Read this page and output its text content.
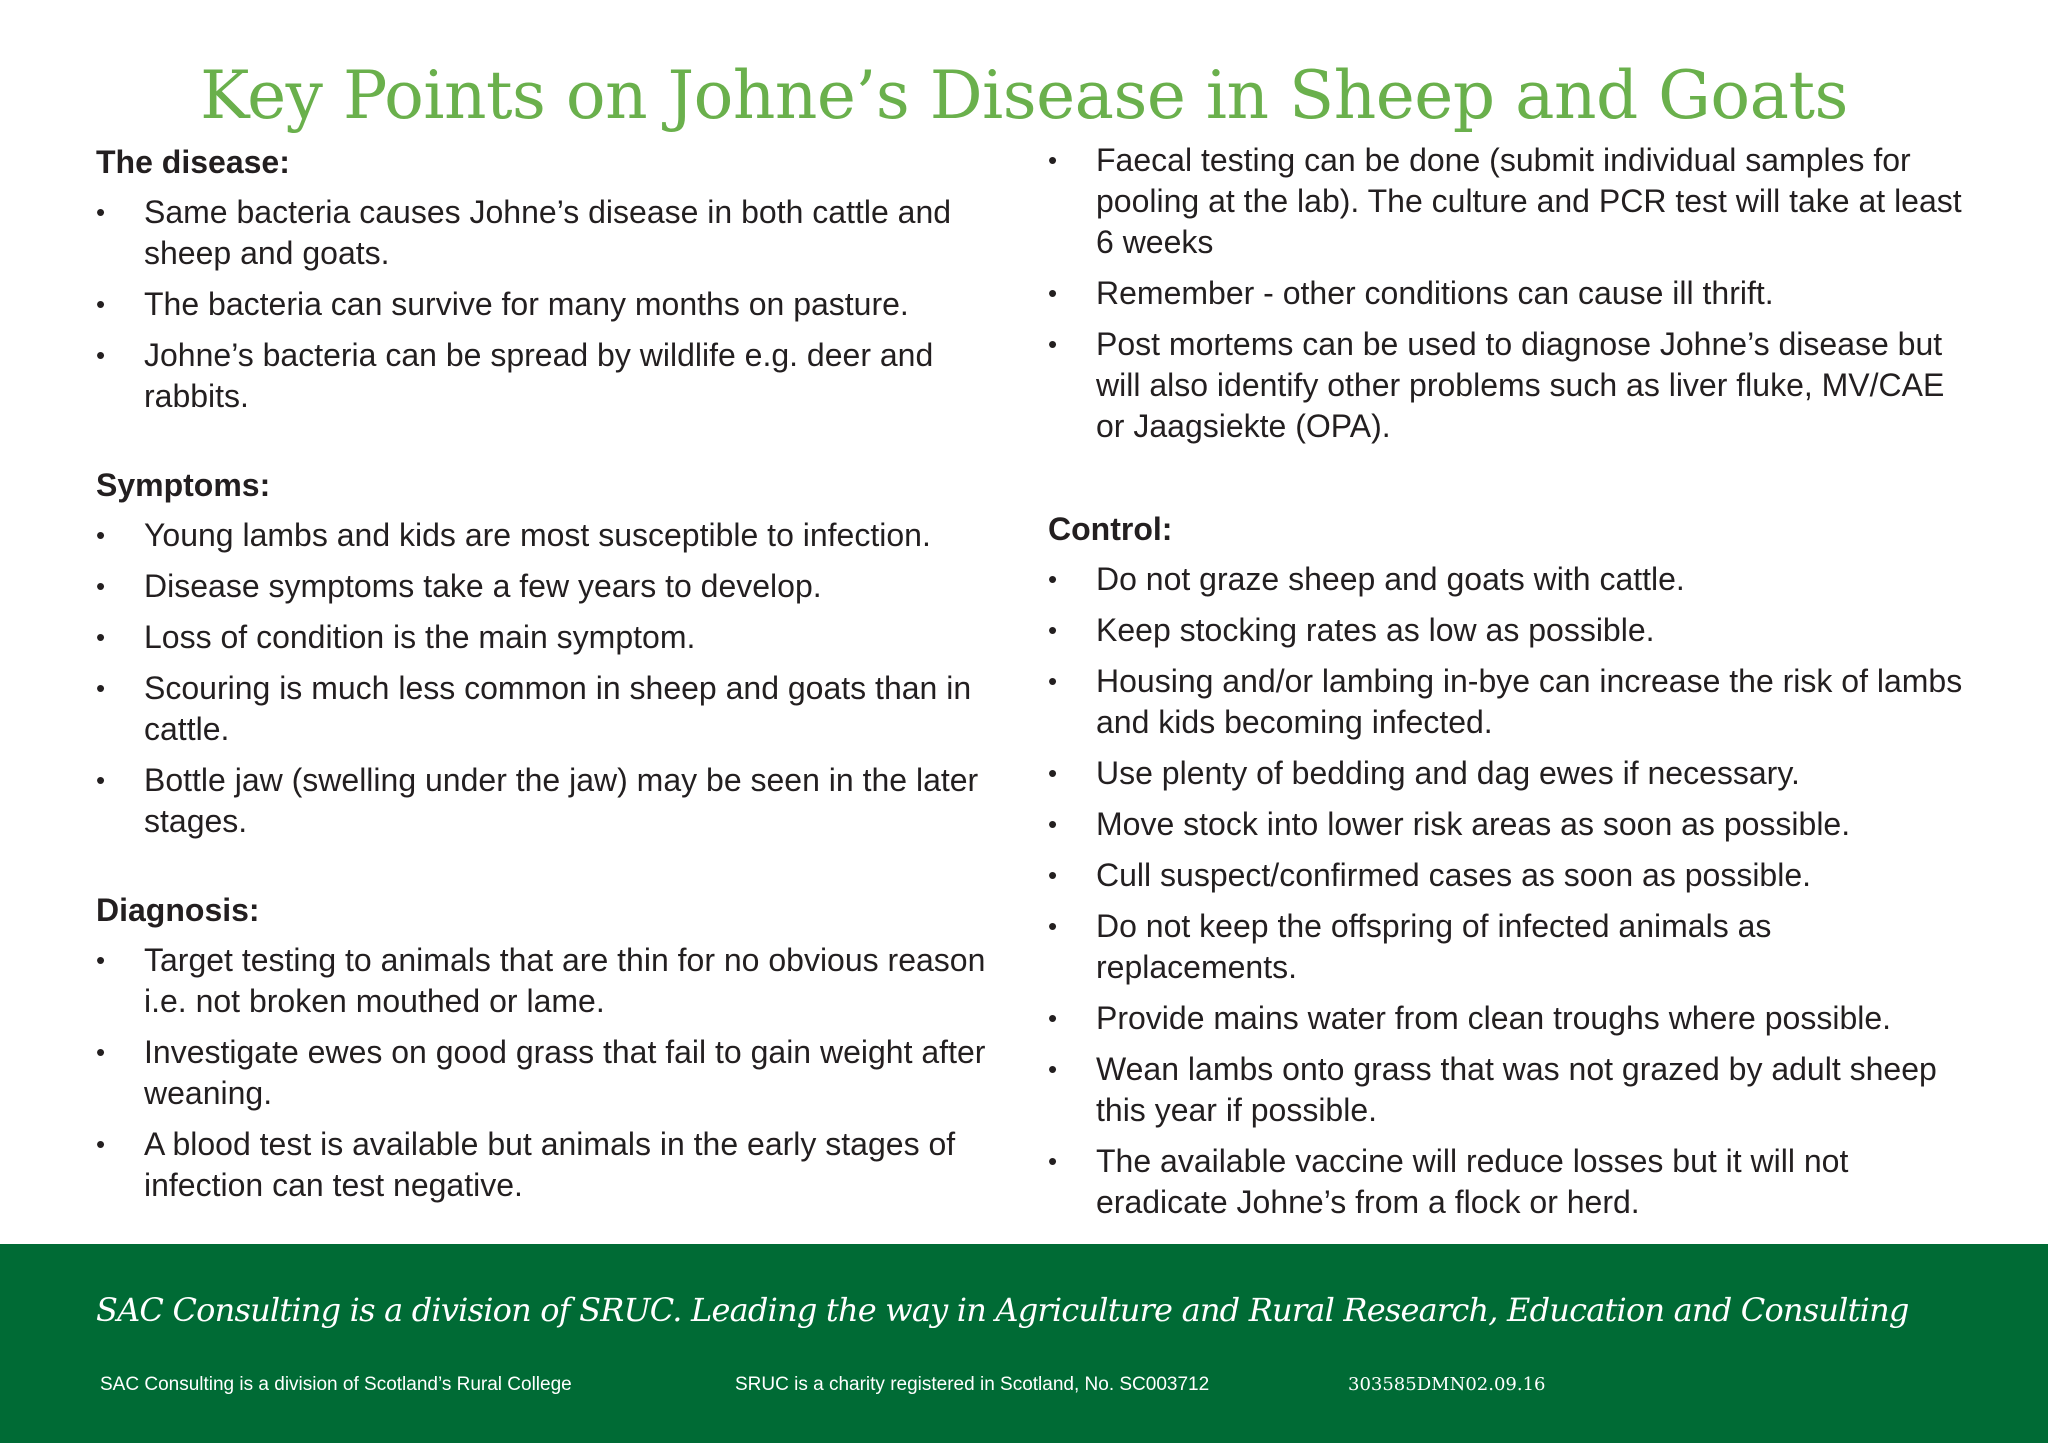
Key Points on Johne’s Disease in Sheep and Goats
The disease:
•	Same bacteria causes Johne’s disease in both cattle and sheep and goats.
•	The bacteria can survive for many months on pasture.
•	Johne’s bacteria can be spread by wildlife e.g. deer and rabbits.
Symptoms:
•	Young lambs and kids are most susceptible to infection.
•	Disease symptoms take a few years to develop.
•	Loss of condition is the main symptom.
•	Scouring is much less common in sheep and goats than in cattle.
•	Bottle jaw (swelling under the jaw) may be seen in the later stages.
Diagnosis:
•	Target testing to animals that are thin for no obvious reason i.e. not broken mouthed or lame.
•	Investigate ewes on good grass that fail to gain weight after weaning.
•	A blood test is available but animals in the early stages of infection can test negative.
•	Faecal testing can be done (submit individual samples for pooling at the lab). The culture and PCR test will take at least 6 weeks
•	Remember - other conditions can cause ill thrift.
•	Post mortems can be used to diagnose Johne’s disease but will also identify other problems such as liver fluke, MV/CAE or Jaagsiekte (OPA).
Control:
•	Do not graze sheep and goats with cattle.
•	Keep stocking rates as low as possible.
•	Housing and/or lambing in-bye can increase the risk of lambs and kids becoming infected.
•	Use plenty of bedding and dag ewes if necessary.
•	Move stock into lower risk areas as soon as possible.
•	Cull suspect/confirmed cases as soon as possible.
•	Do not keep the offspring of infected animals as replacements.
•	Provide mains water from clean troughs where possible.
•	Wean lambs onto grass that was not grazed by adult sheep this year if possible.
•	The available vaccine will reduce losses but it will not eradicate Johne’s from a flock or herd.

SAC Consulting is a division of SRUC. Leading the way in Agriculture and Rural Research, Education and Consulting

SAC Consulting is a division of Scotland’s Rural College	SRUC is a charity registered in Scotland, No. SC003712	303585DMN02.09.16
